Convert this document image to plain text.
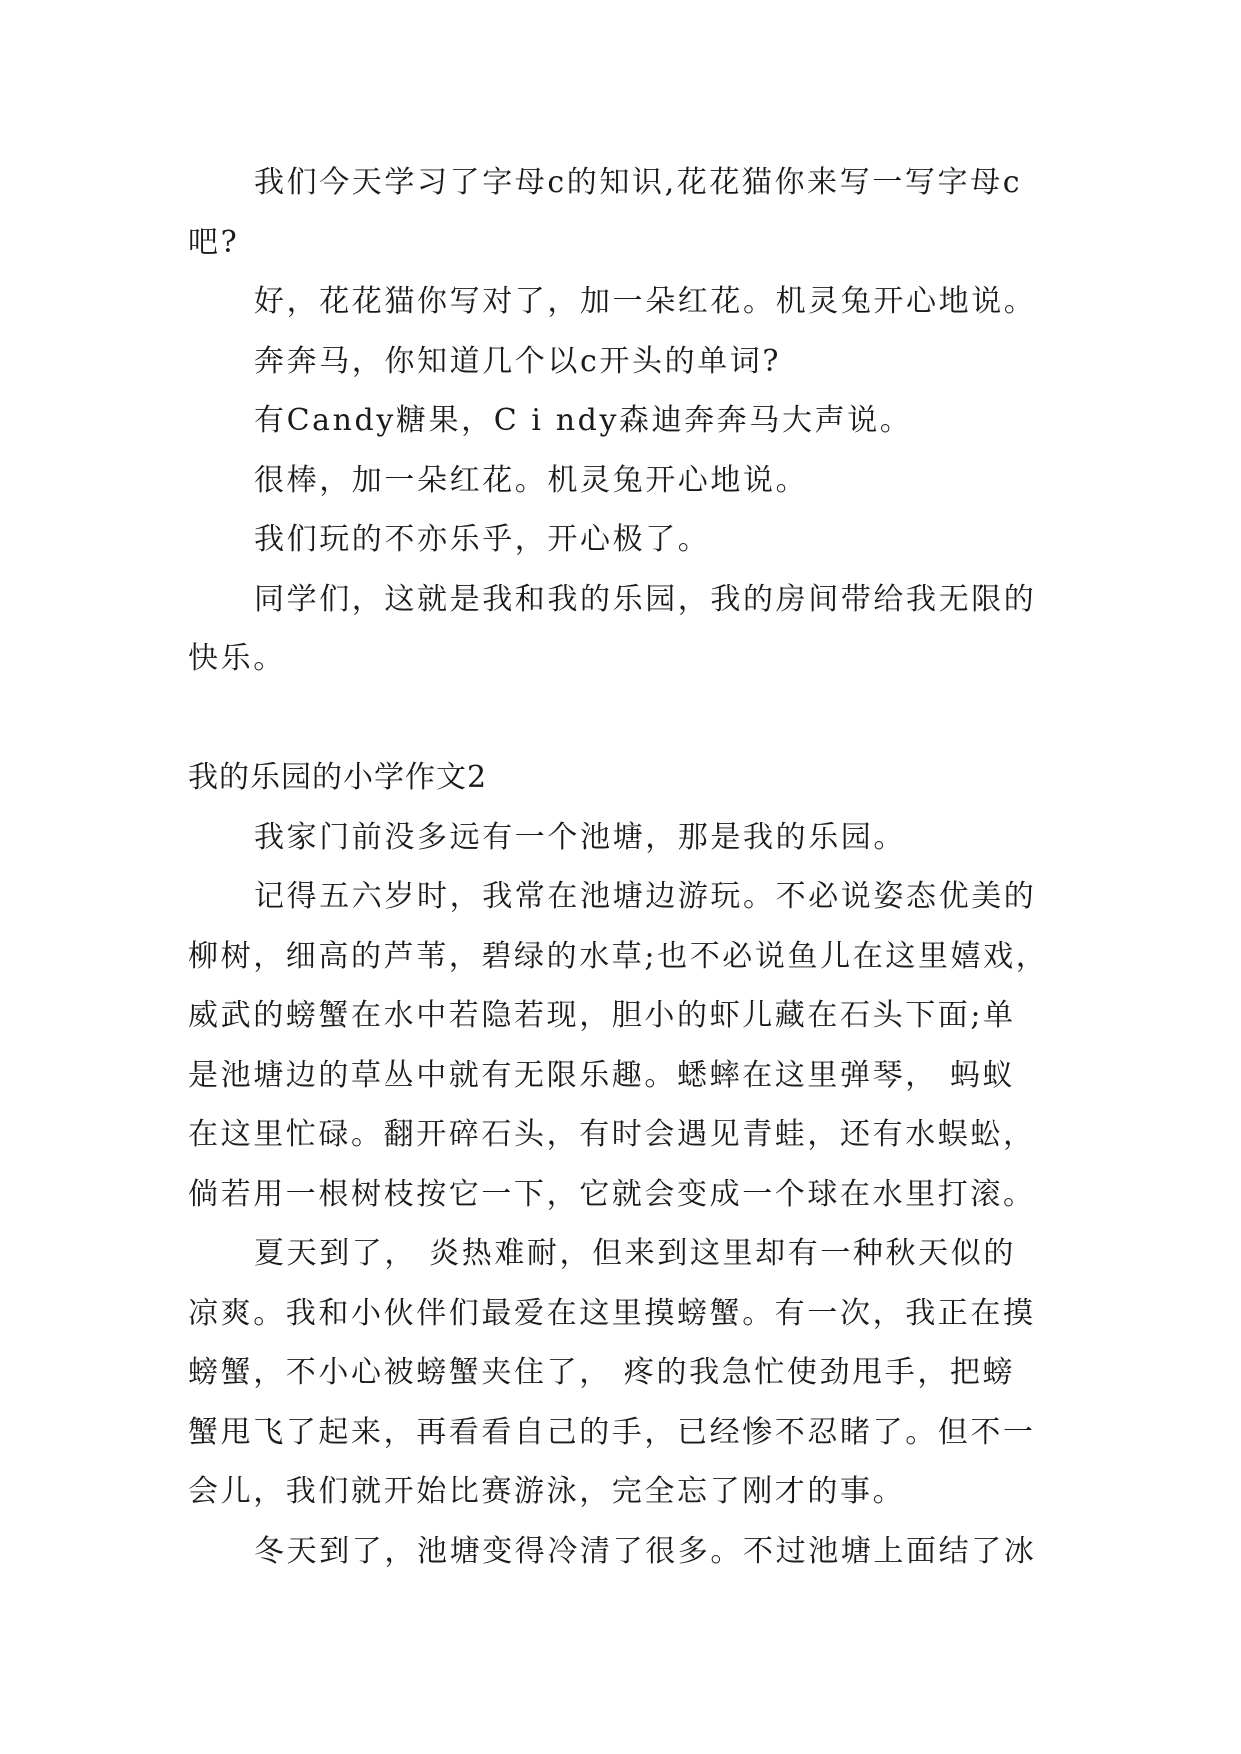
我们今天学习了字母c的知识,花花猫你来写一写字母c
吧?
好，花花猫你写对了，加一朵红花。机灵兔开心地说。
奔奔马，你知道几个以c开头的单词?
有Candy糖果，C i ndy森迪奔奔马大声说。
很棒，加一朵红花。机灵兔开心地说。
我们玩的不亦乐乎，开心极了。
同学们，这就是我和我的乐园，我的房间带给我无限的
快乐。
我的乐园的小学作文2
我家门前没多远有一个池塘，那是我的乐园。
记得五六岁时，我常在池塘边游玩。不必说姿态优美的
柳树，细高的芦苇，碧绿的水草;也不必说鱼儿在这里嬉戏，
威武的螃蟹在水中若隐若现，胆小的虾儿藏在石头下面;单
是池塘边的草丛中就有无限乐趣。蟋蟀在这里弹琴， 蚂蚁
在这里忙碌。翻开碎石头，有时会遇见青蛙，还有水蜈蚣，
倘若用一根树枝按它一下，它就会变成一个球在水里打滚。
夏天到了， 炎热难耐，但来到这里却有一种秋天似的
凉爽。我和小伙伴们最爱在这里摸螃蟹。有一次，我正在摸
螃蟹，不小心被螃蟹夹住了， 疼的我急忙使劲甩手，把螃
蟹甩飞了起来，再看看自己的手，已经惨不忍睹了。但不一
会儿，我们就开始比赛游泳，完全忘了刚才的事。
冬天到了，池塘变得冷清了很多。不过池塘上面结了冰
